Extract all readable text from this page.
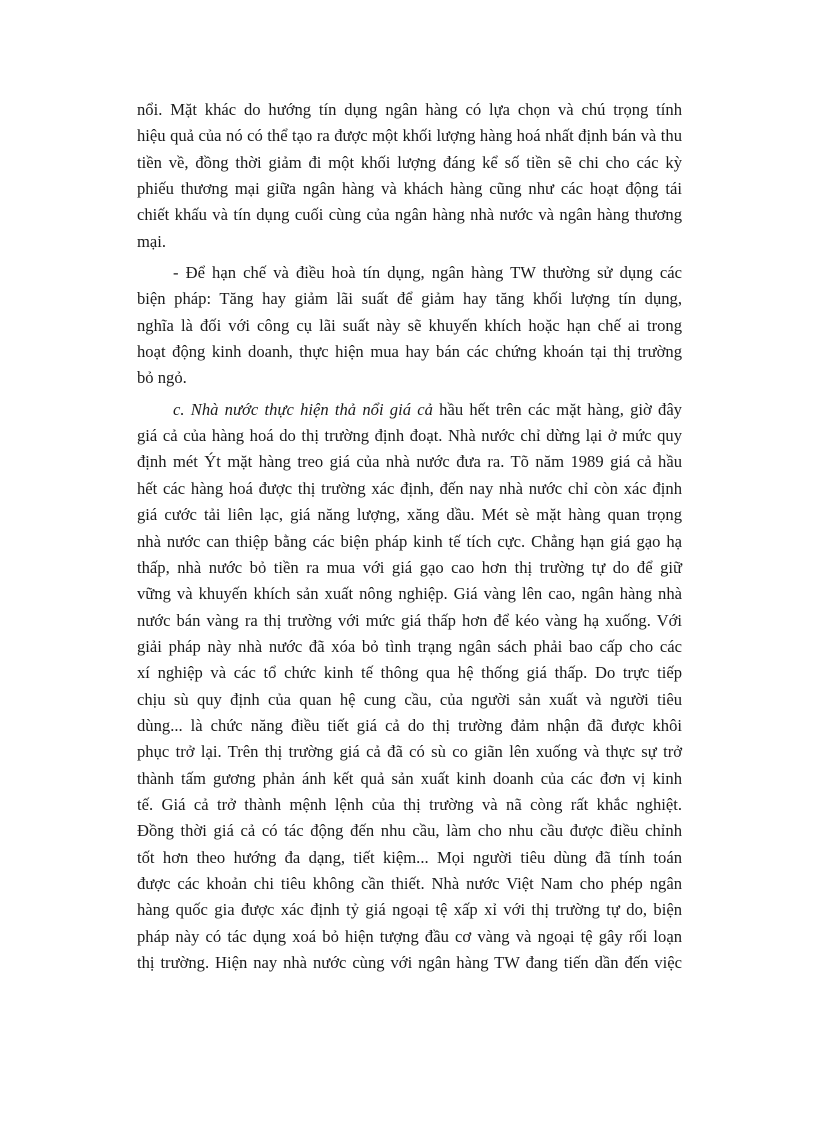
nổi. Mặt khác do hướng tín dụng ngân hàng có lựa chọn và chú trọng tính
hiệu quả của nó có thể tạo ra được một khối lượng hàng hoá nhất định bán và thu
tiền về, đồng thời giảm đi một khối lượng đáng kể số tiền sẽ chi cho các kỳ
phiếu thương mại giữa ngân hàng và khách hàng cũng như các hoạt động tái
chiết khấu và tín dụng cuối cùng của ngân hàng nhà nước và ngân hàng thương
mại.

- Để hạn chế và điều hoà tín dụng, ngân hàng TW thường sử dụng các
biện pháp: Tăng hay giảm lãi suất để giảm hay tăng khối lượng tín dụng,
nghĩa là đối với công cụ lãi suất này sẽ khuyến khích hoặc hạn chế ai trong
hoạt động kinh doanh, thực hiện mua hay bán các chứng khoán tại thị trường
bỏ ngỏ.

c. Nhà nước thực hiện thả nổi giá cả hầu hết trên các mặt hàng, giờ đây
giá cả của hàng hoá do thị trường định đoạt. Nhà nước chỉ dừng lại ở mức quy
định mét Ýt mặt hàng treo giá của nhà nước đưa ra. Tõ năm 1989 giá cả hầu
hết các hàng hoá được thị trường xác định, đến nay nhà nước chỉ còn xác định
giá cước tải liên lạc, giá năng lượng, xăng dầu. Mét sè mặt hàng quan trọng
nhà nước can thiệp bằng các biện pháp kinh tế tích cực. Chẳng hạn giá gạo hạ
thấp, nhà nước bỏ tiền ra mua với giá gạo cao hơn thị trường tự do để giữ
vững và khuyến khích sản xuất nông nghiệp. Giá vàng lên cao, ngân hàng nhà
nước bán vàng ra thị trường với mức giá thấp hơn để kéo vàng hạ xuống. Với
giải pháp này nhà nước đã xóa bỏ tình trạng ngân sách phải bao cấp cho các
xí nghiệp và các tổ chức kinh tế thông qua hệ thống giá thấp. Do trực tiếp
chịu sù quy định của quan hệ cung cầu, của người sản xuất và người tiêu
dùng... là chức năng điều tiết giá cả do thị trường đảm nhận đã được khôi
phục trở lại. Trên thị trường giá cả đã có sù co giãn lên xuống và thực sự trở
thành tấm gương phản ánh kết quả sản xuất kinh doanh của các đơn vị kinh
tế. Giá cả trở thành mệnh lệnh của thị trường và nã còng rất khắc nghiệt.
Đồng thời giá cả có tác động đến nhu cầu, làm cho nhu cầu được điều chỉnh
tốt hơn theo hướng đa dạng, tiết kiệm... Mọi người tiêu dùng đã tính toán
được các khoản chi tiêu không cần thiết. Nhà nước Việt Nam cho phép ngân
hàng quốc gia được xác định tỷ giá ngoại tệ xấp xỉ với thị trường tự do, biện
pháp này có tác dụng xoá bỏ hiện tượng đầu cơ vàng và ngoại tệ gây rối loạn
thị trường. Hiện nay nhà nước cùng với ngân hàng TW đang tiến dần đến việc
